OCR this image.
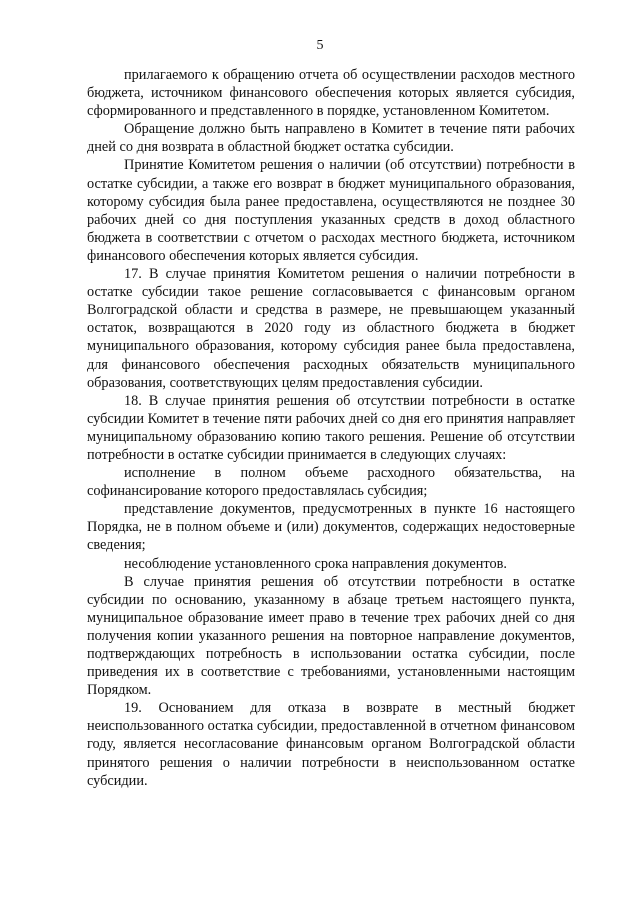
5

прилагаемого к обращению отчета об осуществлении расходов местного бюджета, источником финансового обеспечения которых является субсидия, сформированного и представленного в порядке, установленном Комитетом.

Обращение должно быть направлено в Комитет в течение пяти рабочих дней со дня возврата в областной бюджет остатка субсидии.

Принятие Комитетом решения о наличии (об отсутствии) потребности в остатке субсидии, а также его возврат в бюджет муниципального образования, которому субсидия была ранее предоставлена, осуществляются не позднее 30 рабочих дней со дня поступления указанных средств в доход областного бюджета в соответствии с отчетом о расходах местного бюджета, источником финансового обеспечения которых является субсидия.

17. В случае принятия Комитетом решения о наличии потребности в остатке субсидии такое решение согласовывается с финансовым органом Волгоградской области и средства в размере, не превышающем указанный остаток, возвращаются в 2020 году из областного бюджета в бюджет муниципального образования, которому субсидия ранее была предоставлена, для финансового обеспечения расходных обязательств муниципального образования, соответствующих целям предоставления субсидии.

18. В случае принятия решения об отсутствии потребности в остатке субсидии Комитет в течение пяти рабочих дней со дня его принятия направляет муниципальному образованию копию такого решения. Решение об отсутствии потребности в остатке субсидии принимается в следующих случаях:

исполнение в полном объеме расходного обязательства, на софинансирование которого предоставлялась субсидия;

представление документов, предусмотренных в пункте 16 настоящего Порядка, не в полном объеме и (или) документов, содержащих недостоверные сведения;

несоблюдение установленного срока направления документов.

В случае принятия решения об отсутствии потребности в остатке субсидии по основанию, указанному в абзаце третьем настоящего пункта, муниципальное образование имеет право в течение трех рабочих дней со дня получения копии указанного решения на повторное направление документов, подтверждающих потребность в использовании остатка субсидии, после приведения их в соответствие с требованиями, установленными настоящим Порядком.

19. Основанием для отказа в возврате в местный бюджет неиспользованного остатка субсидии, предоставленной в отчетном финансовом году, является несогласование финансовым органом Волгоградской области принятого решения о наличии потребности в неиспользованном остатке субсидии.
